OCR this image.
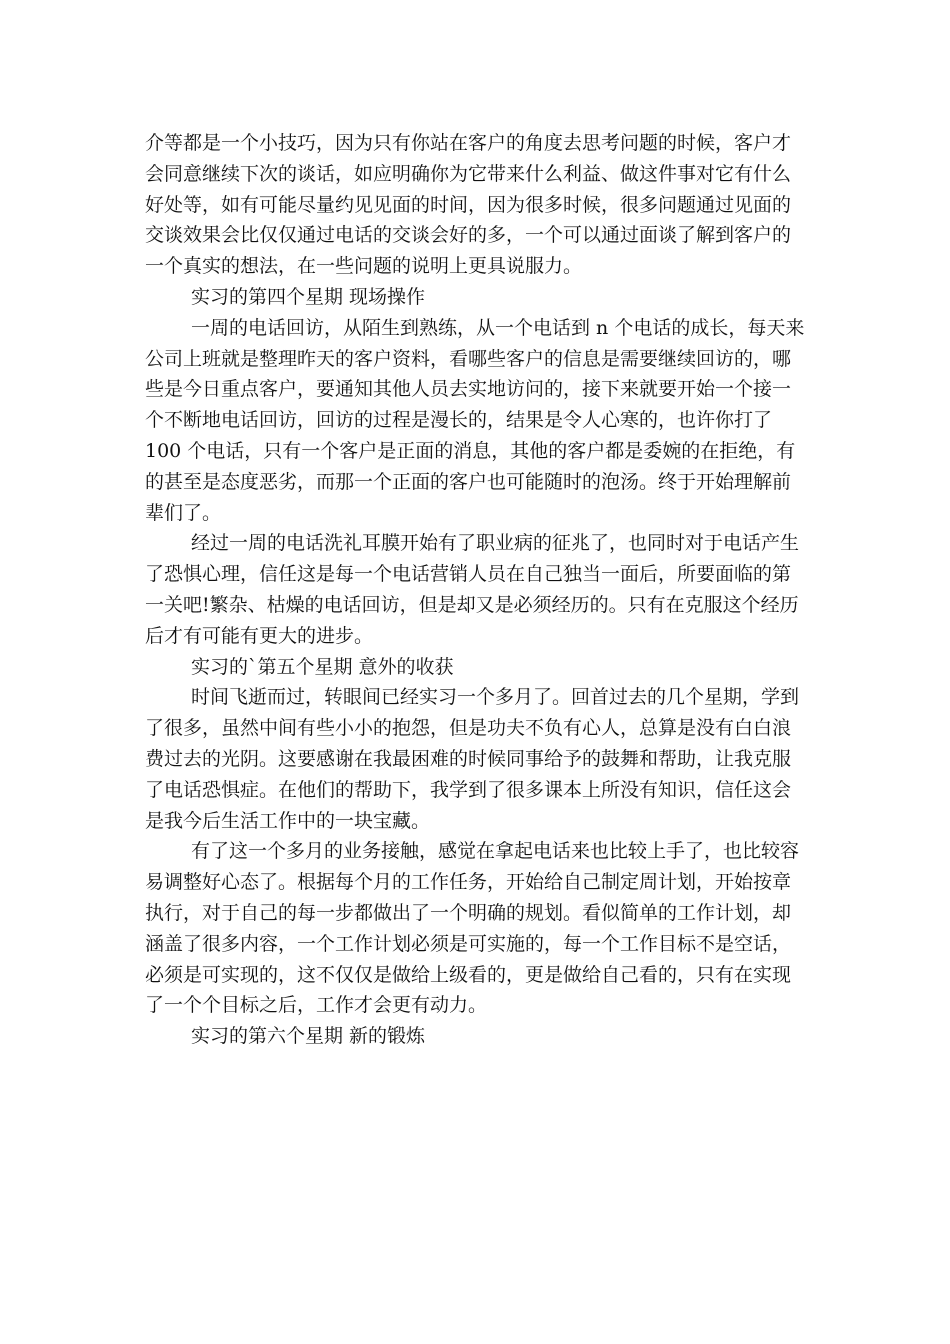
介等都是一个小技巧，因为只有你站在客户的角度去思考问题的时候，客户才
会同意继续下次的谈话，如应明确你为它带来什么利益、做这件事对它有什么
好处等，如有可能尽量约见见面的时间，因为很多时候，很多问题通过见面的
交谈效果会比仅仅通过电话的交谈会好的多，一个可以通过面谈了解到客户的
一个真实的想法，在一些问题的说明上更具说服力。
实习的第四个星期 现场操作
一周的电话回访，从陌生到熟练，从一个电话到 n 个电话的成长，每天来
公司上班就是整理昨天的客户资料，看哪些客户的信息是需要继续回访的，哪
些是今日重点客户，要通知其他人员去实地访问的，接下来就要开始一个接一
个不断地电话回访，回访的过程是漫长的，结果是令人心寒的，也许你打了
100 个电话，只有一个客户是正面的消息，其他的客户都是委婉的在拒绝，有
的甚至是态度恶劣，而那一个正面的客户也可能随时的泡汤。终于开始理解前
辈们了。
经过一周的电话洗礼耳膜开始有了职业病的征兆了，也同时对于电话产生
了恐惧心理，信任这是每一个电话营销人员在自己独当一面后，所要面临的第
一关吧!繁杂、枯燥的电话回访，但是却又是必须经历的。只有在克服这个经历
后才有可能有更大的进步。
实习的`第五个星期 意外的收获
时间飞逝而过，转眼间已经实习一个多月了。回首过去的几个星期，学到
了很多，虽然中间有些小小的抱怨，但是功夫不负有心人，总算是没有白白浪
费过去的光阴。这要感谢在我最困难的时候同事给予的鼓舞和帮助，让我克服
了电话恐惧症。在他们的帮助下，我学到了很多课本上所没有知识，信任这会
是我今后生活工作中的一块宝藏。
有了这一个多月的业务接触，感觉在拿起电话来也比较上手了，也比较容
易调整好心态了。根据每个月的工作任务，开始给自己制定周计划，开始按章
执行，对于自己的每一步都做出了一个明确的规划。看似简单的工作计划，却
涵盖了很多内容，一个工作计划必须是可实施的，每一个工作目标不是空话，
必须是可实现的，这不仅仅是做给上级看的，更是做给自己看的，只有在实现
了一个个目标之后，工作才会更有动力。
实习的第六个星期 新的锻炼
